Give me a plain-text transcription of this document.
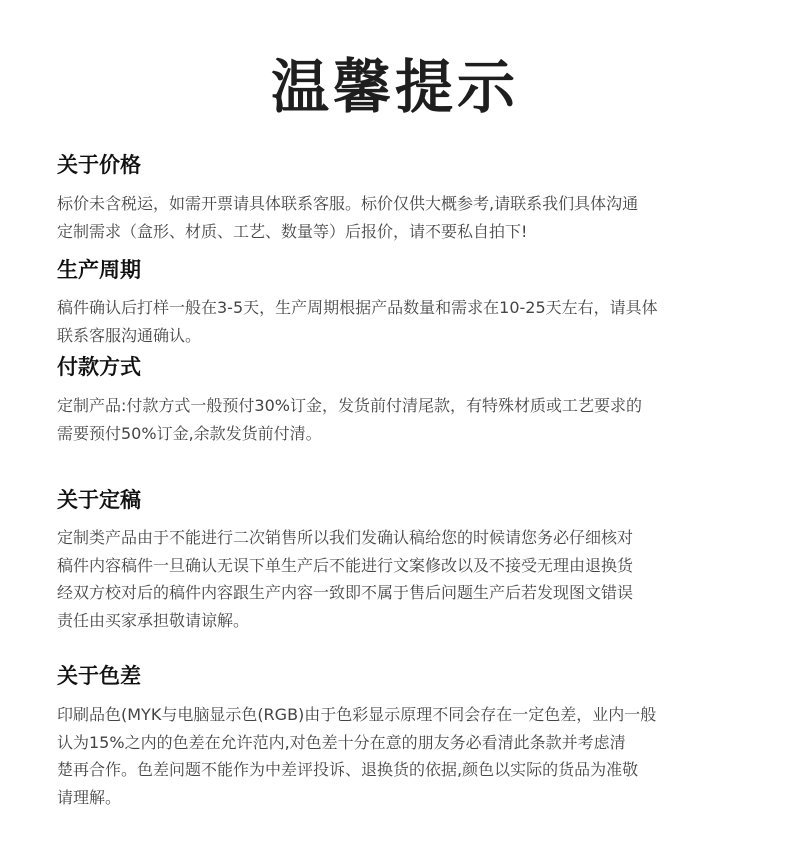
温馨提示
关于价格
标价未含税运，如需开票请具体联系客服。标价仅供大概参考,请联系我们具体沟通
定制需求（盒形、材质、工艺、数量等）后报价，请不要私自拍下!
生产周期
稿件确认后打样一般在3-5天，生产周期根据产品数量和需求在10-25天左右，请具体
联系客服沟通确认。
付款方式
定制产品:付款方式一般预付30%订金，发货前付清尾款，有特殊材质或工艺要求的
需要预付50%订金,余款发货前付清。
关于定稿
定制类产品由于不能进行二次销售所以我们发确认稿给您的时候请您务必仔细核对
稿件内容稿件一旦确认无误下单生产后不能进行文案修改以及不接受无理由退换货
经双方校对后的稿件内容跟生产内容一致即不属于售后问题生产后若发现图文错误
责任由买家承担敬请谅解。
关于色差
印刷品色(MYK与电脑显示色(RGB)由于色彩显示原理不同会存在一定色差，业内一般
认为15%之内的色差在允许范内,对色差十分在意的朋友务必看清此条款并考虑清
楚再合作。色差问题不能作为中差评投诉、退换货的依据,颜色以实际的货品为准敬
请理解。
